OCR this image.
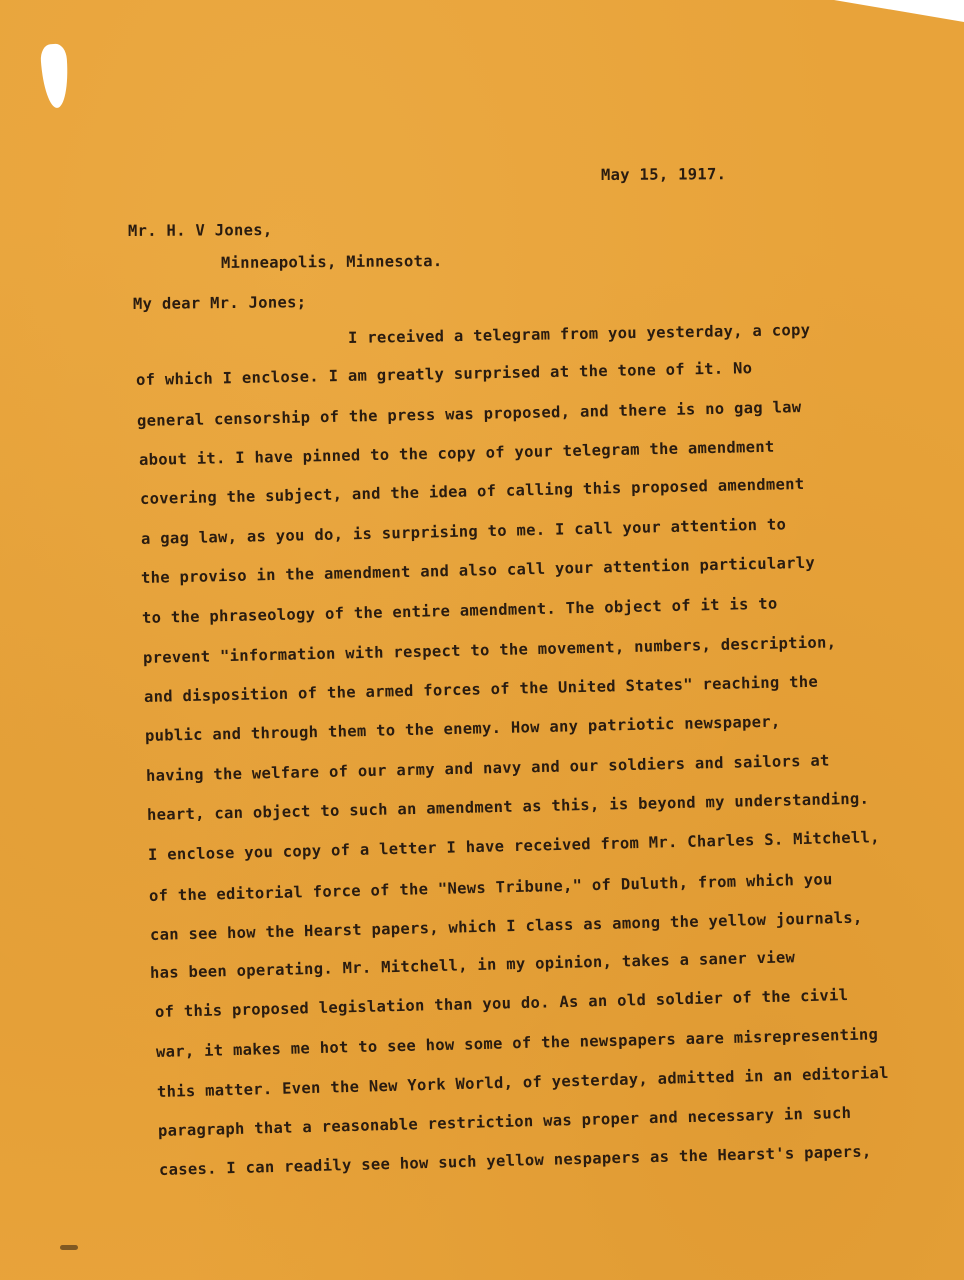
May 15, 1917.
Mr. H. V Jones,
Minneapolis, Minnesota.
My dear Mr. Jones;
I received a telegram from you yesterday, a copy
of which I enclose. I am greatly surprised at the tone of it. No
general censorship of the press was proposed, and there is no gag law
about it. I have pinned to the copy of your telegram the amendment
covering the subject, and the idea of calling this proposed amendment
a gag law, as you do, is surprising to me. I call your attention to
the proviso in the amendment and also call your attention particularly
to the phraseology of the entire amendment. The object of it is to
prevent "information with respect to the movement, numbers, description,
and disposition of the armed forces of the United States" reaching the
public and through them to the enemy. How any patriotic newspaper,
having the welfare of our army and navy and our soldiers and sailors at
heart, can object to such an amendment as this, is beyond my understanding.
I enclose you copy of a letter I have received from Mr. Charles S. Mitchell,
of the editorial force of the "News Tribune," of Duluth, from which you
can see how the Hearst papers, which I class as among the yellow journals,
has been operating. Mr. Mitchell, in my opinion, takes a saner view
of this proposed legislation than you do. As an old soldier of the civil
war, it makes me hot to see how some of the newspapers aare misrepresenting
this matter. Even the New York World, of yesterday, admitted in an editorial
paragraph that a reasonable restriction was proper and necessary in such
cases. I can readily see how such yellow nespapers as the Hearst's papers,
